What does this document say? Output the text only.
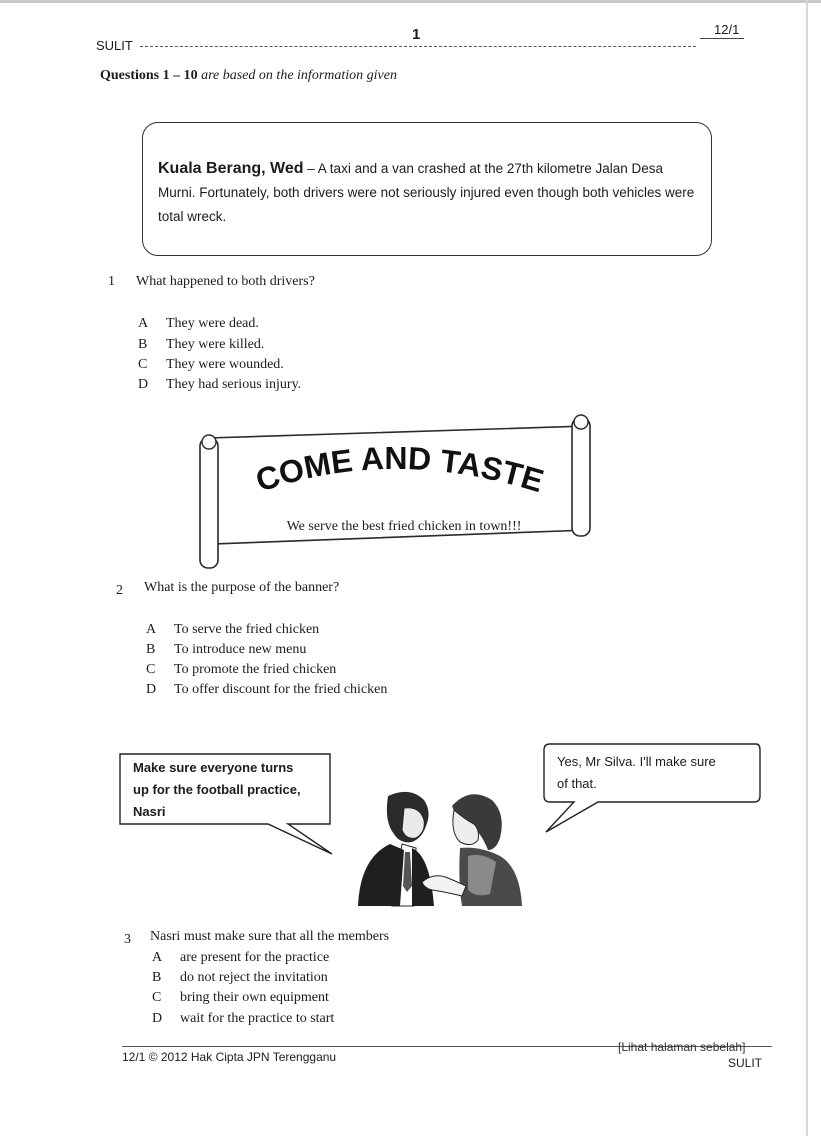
SULIT
1	12/1
Questions 1 – 10 are based on the information given
Kuala Berang, Wed – A taxi and a van crashed at the 27th kilometre Jalan Desa Murni. Fortunately, both drivers were not seriously injured even though both vehicles were total wreck.
1 What happened to both drivers?
A They were dead.
B They were killed.
C They were wounded.
D They had serious injury.
COME AND TASTE
We serve the best fried chicken in town!!!
2 What is the purpose of the banner?
A To serve the fried chicken
B To introduce new menu
C To promote the fried chicken
D To offer discount for the fried chicken
Make sure everyone turns
up for the football practice,
Nasri
Yes, Mr Silva. I'll make sure
of that.
3 Nasri must make sure that all the members
A are present for the practice
B do not reject the invitation
C bring their own equipment
D wait for the practice to start
12/1 © 2012 Hak Cipta JPN Terengganu
[Lihat halaman sebelah]
SULIT
